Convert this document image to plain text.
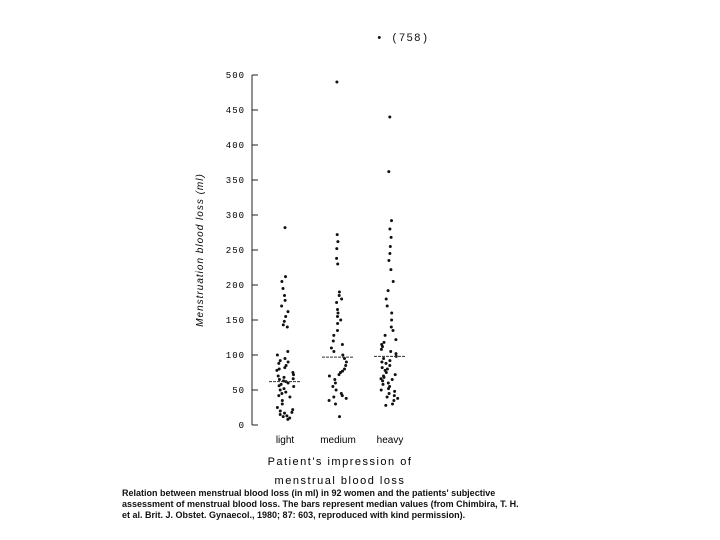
• (758)
0
50
100
150
200
250
300
350
400
450
500
light	medium heavy
Menstruation blood loss (ml)
Patient's impression of
menstrual blood loss
Relation between menstrual blood loss (in ml) in 92 women and the patients' subjective
assessment of menstrual blood loss. The bars represent median values (from Chimbira, T. H.
et al. Brit. J. Obstet. Gynaecol., 1980; 87: 603, reproduced with kind permission).
